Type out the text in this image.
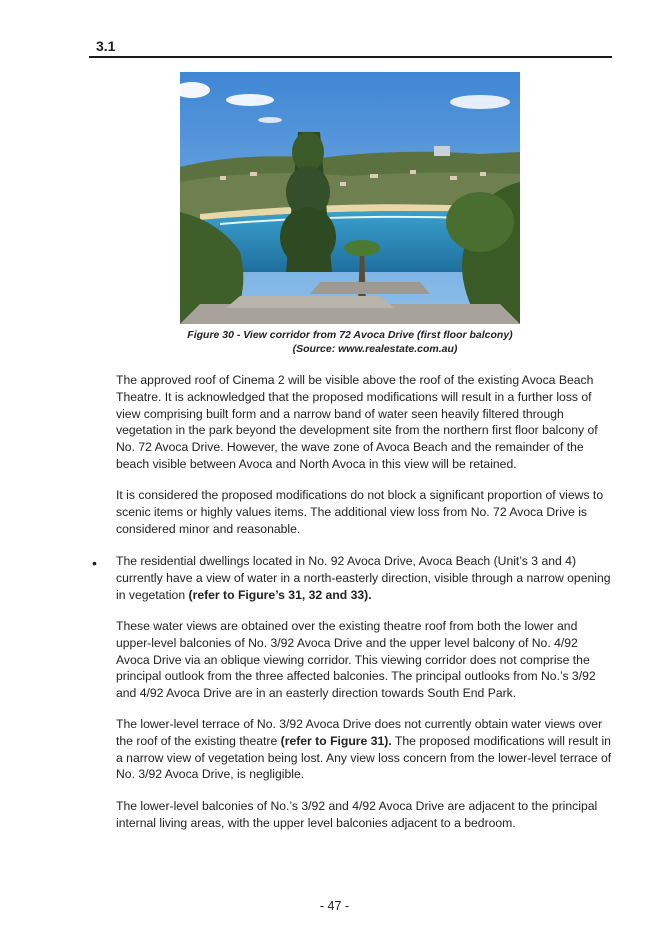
3.1
Figure 30 - View corridor from 72 Avoca Drive (first floor balcony)
(Source: www.realestate.com.au)

The approved roof of Cinema 2 will be visible above the roof of the existing Avoca Beach Theatre. It is acknowledged that the proposed modifications will result in a further loss of view comprising built form and a narrow band of water seen heavily filtered through vegetation in the park beyond the development site from the northern first floor balcony of No. 72 Avoca Drive. However, the wave zone of Avoca Beach and the remainder of the beach visible between Avoca and North Avoca in this view will be retained.

It is considered the proposed modifications do not block a significant proportion of views to scenic items or highly values items. The additional view loss from No. 72 Avoca Drive is considered minor and reasonable.

• The residential dwellings located in No. 92 Avoca Drive, Avoca Beach (Unit’s 3 and 4) currently have a view of water in a north-easterly direction, visible through a narrow opening in vegetation (refer to Figure’s 31, 32 and 33).

These water views are obtained over the existing theatre roof from both the lower and upper-level balconies of No. 3/92 Avoca Drive and the upper level balcony of No. 4/92 Avoca Drive via an oblique viewing corridor. This viewing corridor does not comprise the principal outlook from the three affected balconies. The principal outlooks from No.’s 3/92 and 4/92 Avoca Drive are in an easterly direction towards South End Park.

The lower-level terrace of No. 3/92 Avoca Drive does not currently obtain water views over the roof of the existing theatre (refer to Figure 31). The proposed modifications will result in a narrow view of vegetation being lost. Any view loss concern from the lower-level terrace of No. 3/92 Avoca Drive, is negligible.

The lower-level balconies of No.’s 3/92 and 4/92 Avoca Drive are adjacent to the principal internal living areas, with the upper level balconies adjacent to a bedroom.

- 47 -
